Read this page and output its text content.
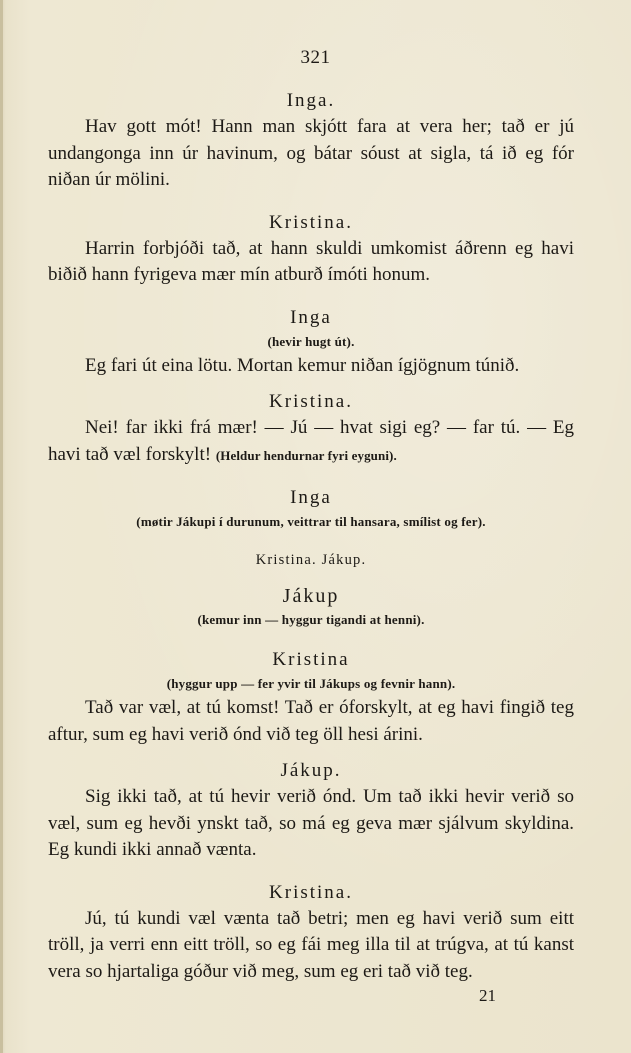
321
Inga.

Hav gott mót! Hann man skjótt fara at vera her; tað er jú undangonga inn úr havinum, og bátar sóust at sigla, tá ið eg fór niðan úr mölini.

Kristina.

Harrin forbjóði tað, at hann skuldi umkomist áðrenn eg havi biðið hann fyrigeva mær mín atburð ímóti honum.

Inga
(hevir hugt út).

Eg fari út eina lötu. Mortan kemur niðan ígjögnum túnið.

Kristina.

Nei! far ikki frá mær! — Jú — hvat sigi eg? — far tú. — Eg havi tað væl forskylt! (Heldur hendurnar fyri eyguni).

Inga
(møtir Jákupi í durunum, veittrar til hansara, smílist og fer).
Kristina. Jákup.
Jákup
(kemur inn — hyggur tigandi at henni).
Kristina
(hyggur upp — fer yvir til Jákups og fevnir hann).

Tað var væl, at tú komst! Tað er óforskylt, at eg havi fingið teg aftur, sum eg havi verið ónd við teg öll hesi árini.

Jákup.

Sig ikki tað, at tú hevir verið ónd. Um tað ikki hevir verið so væl, sum eg hevði ynskt tað, so má eg geva mær sjálvum skyldina. Eg kundi ikki annað vænta.

Kristina.

Jú, tú kundi væl vænta tað betri; men eg havi verið sum eitt tröll, ja verri enn eitt tröll, so eg fái meg illa til at trúgva, at tú kanst vera so hjartaliga góður við meg, sum eg eri tað við teg.

21
